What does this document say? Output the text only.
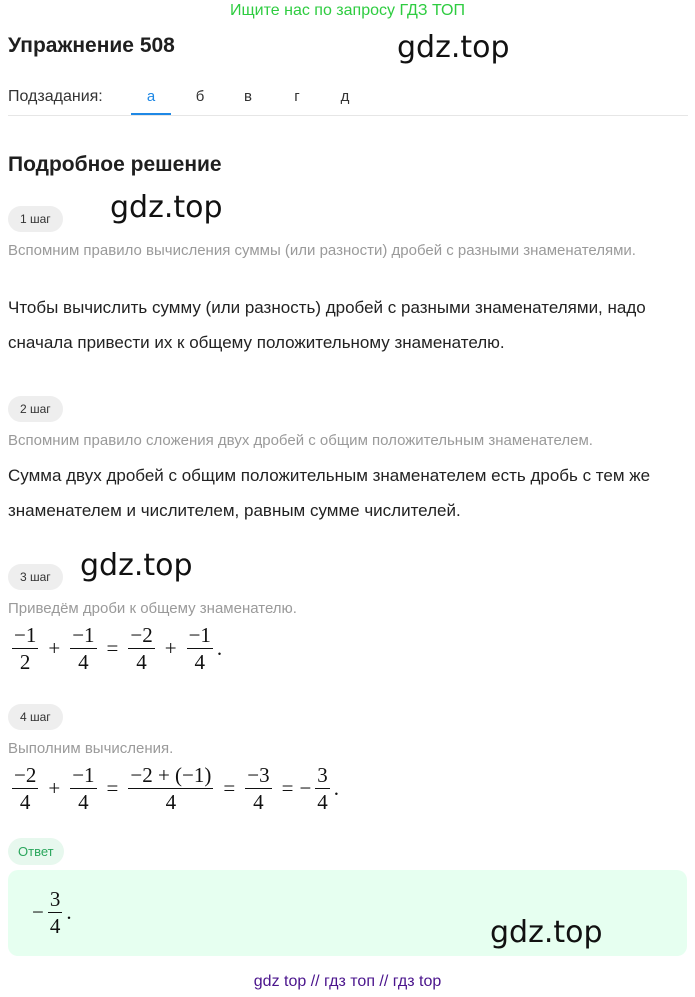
Ищите нас по запросу ГДЗ ТОП
Упражнение 508	gdz.top
Подзадания:	а	б	в	г	д
Подробное решение
1 шаг	gdz.top
Вспомним правило вычисления суммы (или разности) дробей с разными знаменателями.
Чтобы вычислить сумму (или разность) дробей с разными знаменателями, надо сначала привести их к общему положительному знаменателю.
2 шаг
Вспомним правило сложения двух дробей с общим положительным знаменателем.
Сумма двух дробей с общим положительным знаменателем есть дробь с тем же знаменателем и числителем, равным сумме числителей.
3 шаг gdz.top
Приведём дроби к общему знаменателю.
$\frac{-1}{2} + \frac{-1}{4} = \frac{-2}{4} + \frac{-1}{4}$ .
4 шаг
Выполним вычисления.
$\frac{-2}{4} + \frac{-1}{4} = \frac{-2 + (-1)}{4} = \frac{-3}{4}$ = − $\frac{3}{4}$ .
Ответ
− $\frac{3}{4}$ .
gdz.top
gdz top // гдз топ // гдз top
